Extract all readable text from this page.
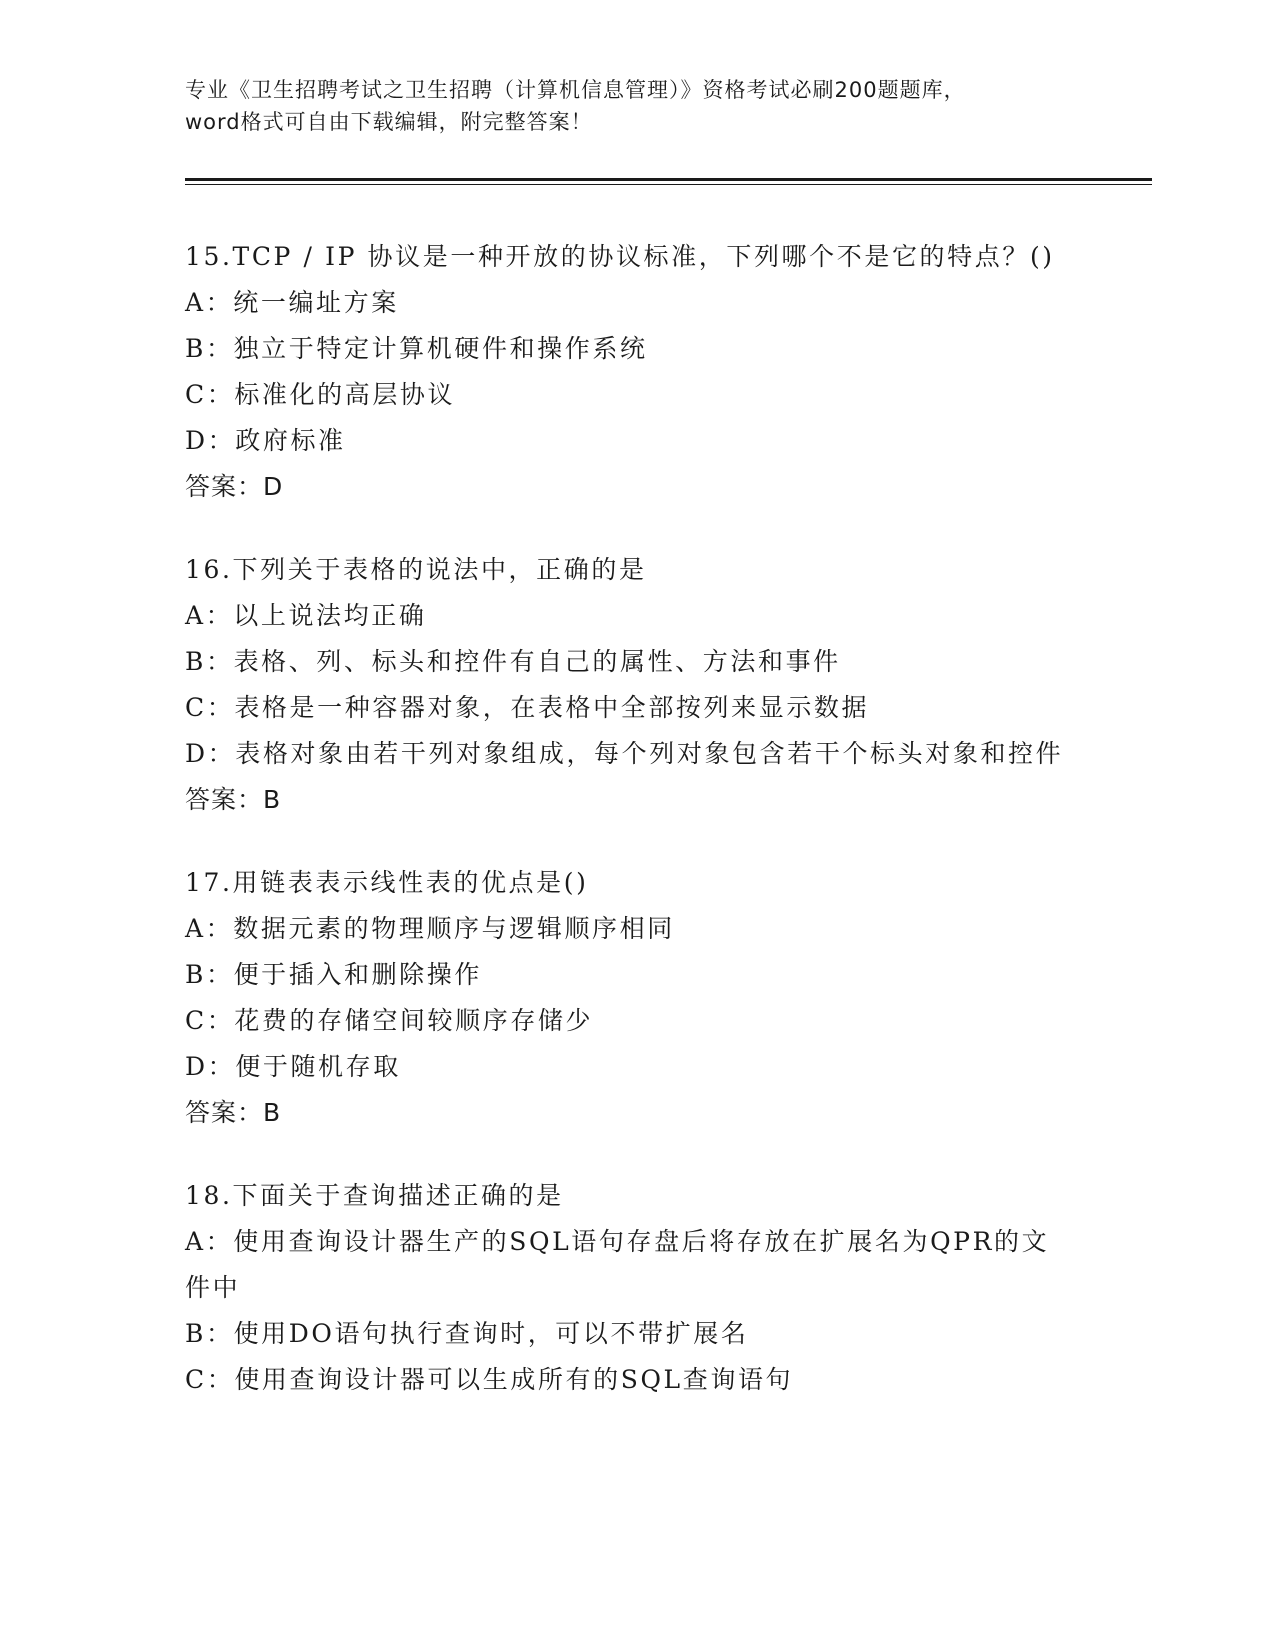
专业《卫生招聘考试之卫生招聘（计算机信息管理）》资格考试必刷200题题库，
word格式可自由下载编辑，附完整答案！
15.TCP / IP 协议是一种开放的协议标准，下列哪个不是它的特点？()
A：统一编址方案
B：独立于特定计算机硬件和操作系统
C：标准化的高层协议
D：政府标准
答案：D
16.下列关于表格的说法中，正确的是
A：以上说法均正确
B：表格、列、标头和控件有自己的属性、方法和事件
C：表格是一种容器对象，在表格中全部按列来显示数据
D：表格对象由若干列对象组成，每个列对象包含若干个标头对象和控件
答案：B
17.用链表表示线性表的优点是()
A：数据元素的物理顺序与逻辑顺序相同
B：便于插入和删除操作
C：花费的存储空间较顺序存储少
D：便于随机存取
答案：B
18.下面关于查询描述正确的是
A：使用查询设计器生产的SQL语句存盘后将存放在扩展名为QPR的文件中
B：使用DO语句执行查询时，可以不带扩展名
C：使用查询设计器可以生成所有的SQL查询语句
